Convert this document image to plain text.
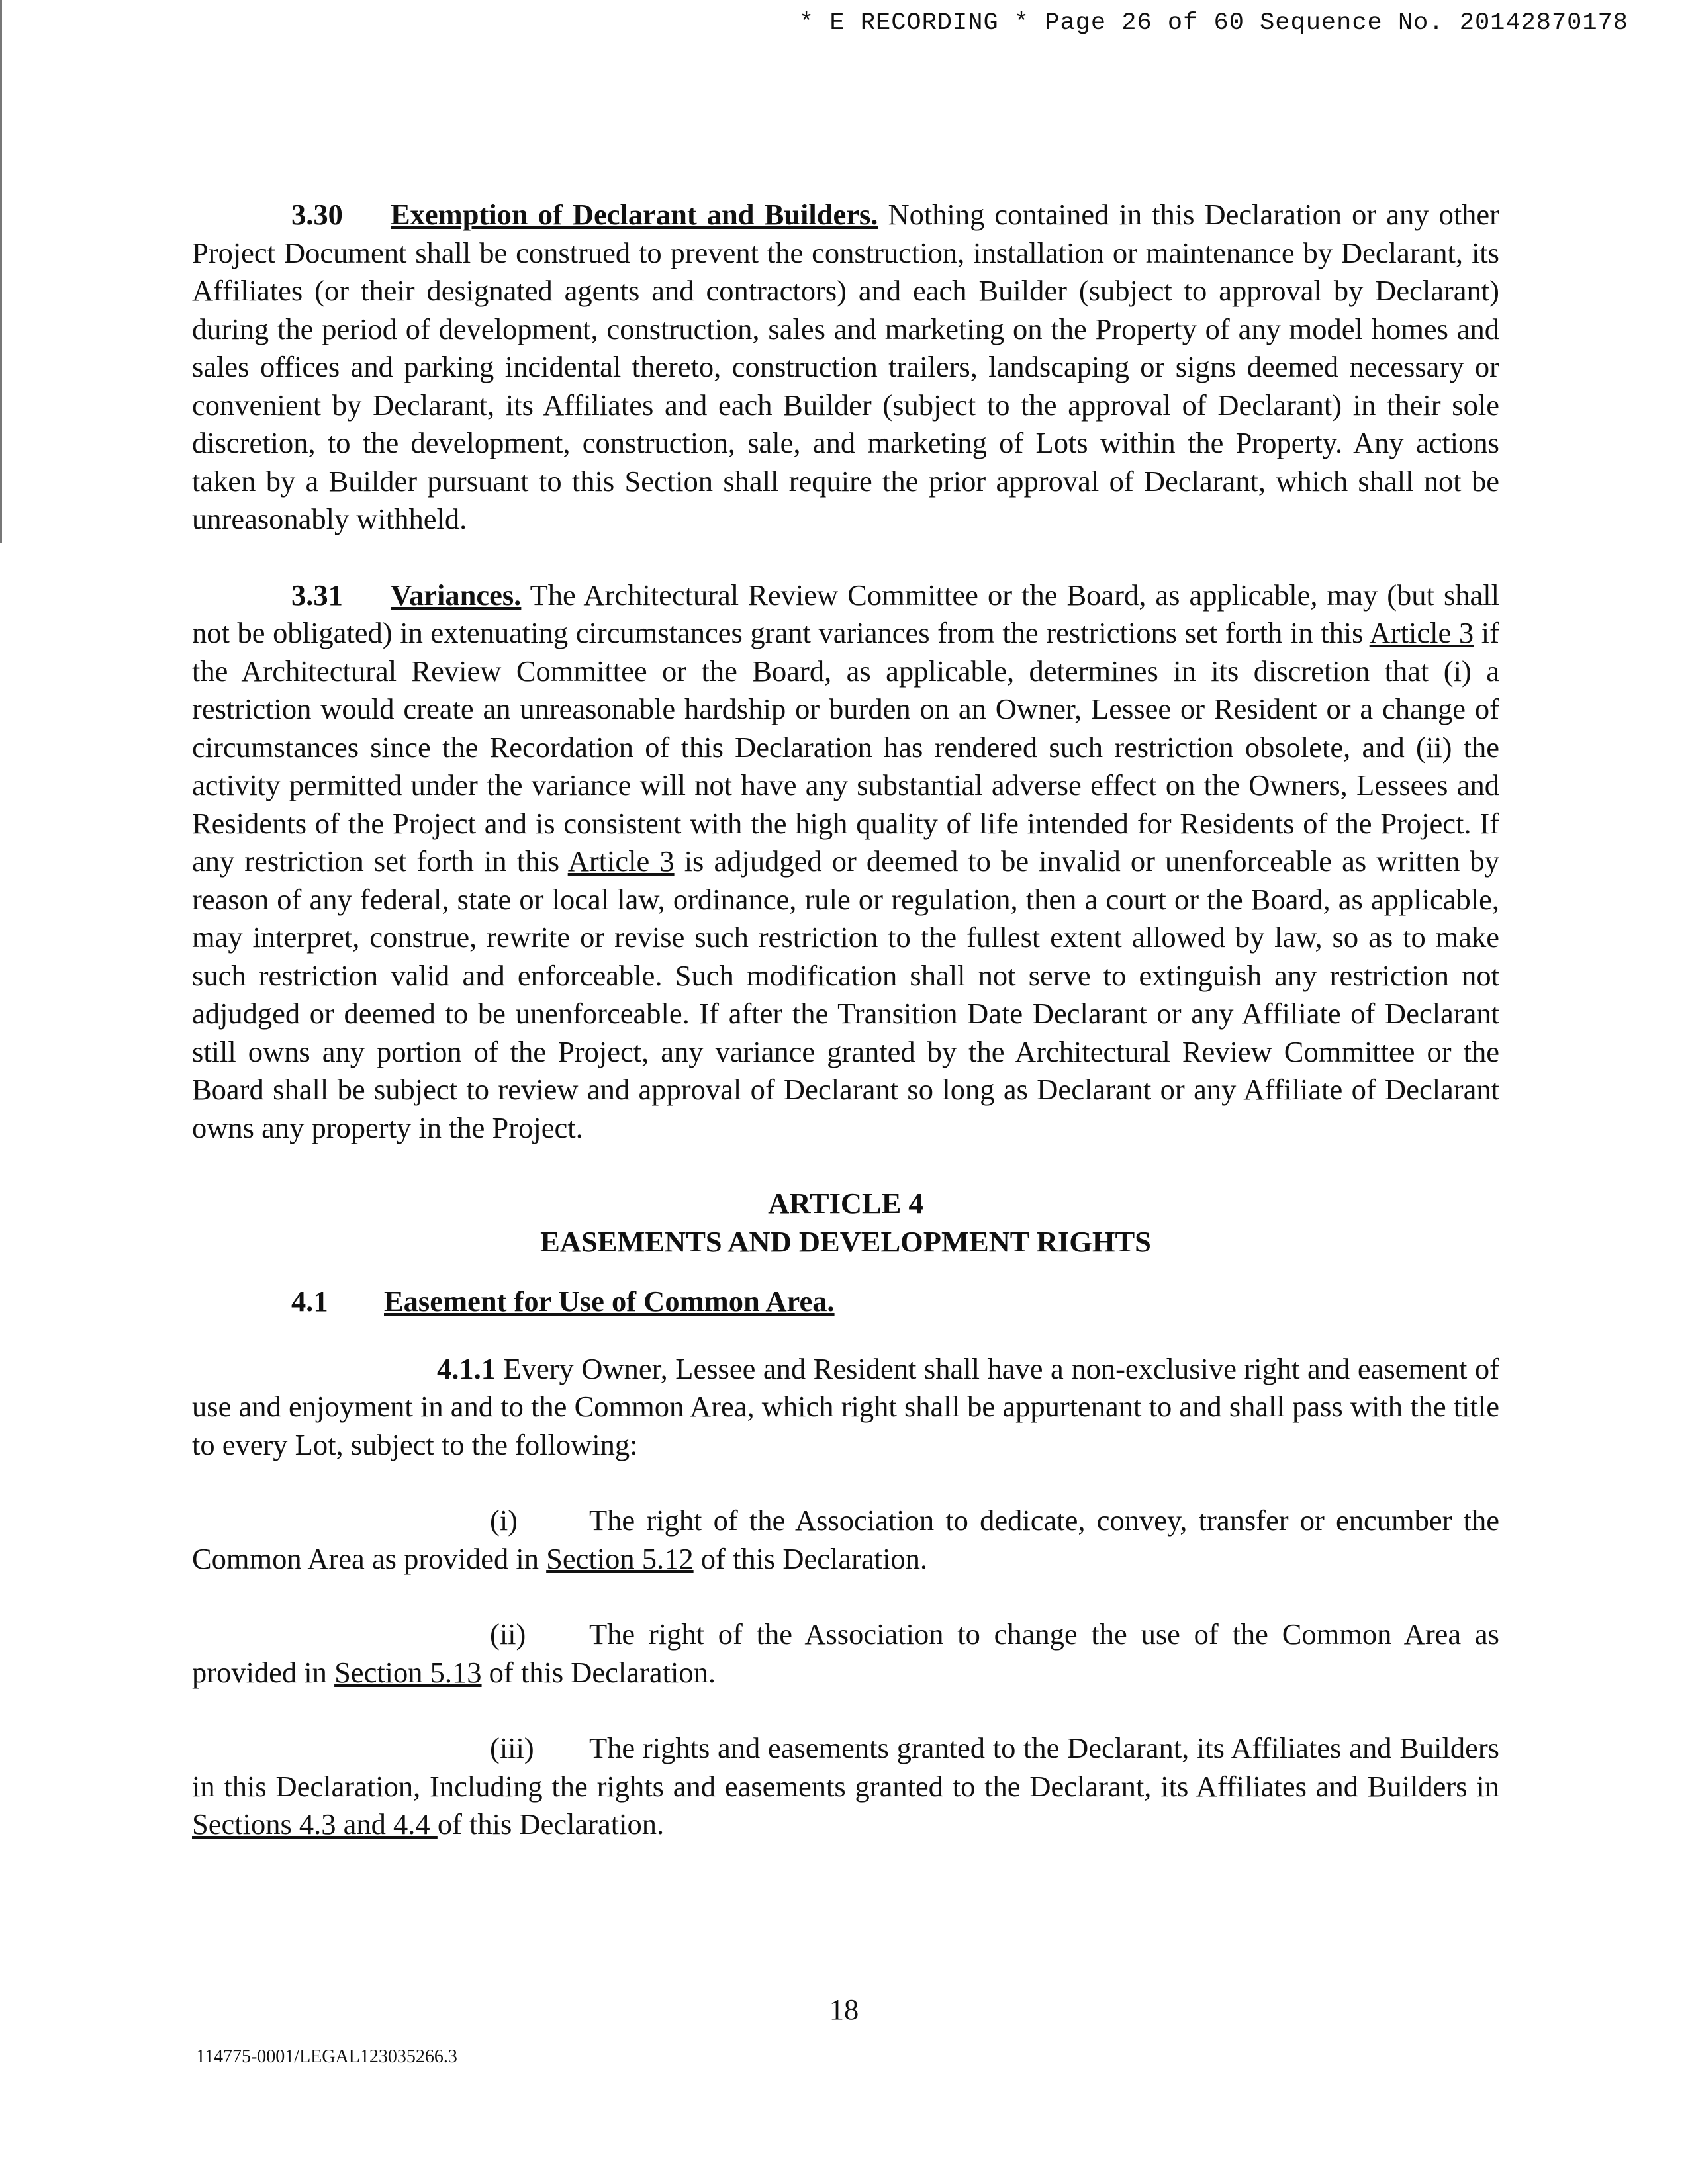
* E RECORDING * Page 26 of 60 Sequence No. 20142870178

3.30 Exemption of Declarant and Builders. Nothing contained in this Declaration or any other Project Document shall be construed to prevent the construction, installation or maintenance by Declarant, its Affiliates (or their designated agents and contractors) and each Builder (subject to approval by Declarant) during the period of development, construction, sales and marketing on the Property of any model homes and sales offices and parking incidental thereto, construction trailers, landscaping or signs deemed necessary or convenient by Declarant, its Affiliates and each Builder (subject to the approval of Declarant) in their sole discretion, to the development, construction, sale, and marketing of Lots within the Property. Any actions taken by a Builder pursuant to this Section shall require the prior approval of Declarant, which shall not be unreasonably withheld.

3.31 Variances. The Architectural Review Committee or the Board, as applicable, may (but shall not be obligated) in extenuating circumstances grant variances from the restrictions set forth in this Article 3 if the Architectural Review Committee or the Board, as applicable, determines in its discretion that (i) a restriction would create an unreasonable hardship or burden on an Owner, Lessee or Resident or a change of circumstances since the Recordation of this Declaration has rendered such restriction obsolete, and (ii) the activity permitted under the variance will not have any substantial adverse effect on the Owners, Lessees and Residents of the Project and is consistent with the high quality of life intended for Residents of the Project. If any restriction set forth in this Article 3 is adjudged or deemed to be invalid or unenforceable as written by reason of any federal, state or local law, ordinance, rule or regulation, then a court or the Board, as applicable, may interpret, construe, rewrite or revise such restriction to the fullest extent allowed by law, so as to make such restriction valid and enforceable. Such modification shall not serve to extinguish any restriction not adjudged or deemed to be unenforceable. If after the Transition Date Declarant or any Affiliate of Declarant still owns any portion of the Project, any variance granted by the Architectural Review Committee or the Board shall be subject to review and approval of Declarant so long as Declarant or any Affiliate of Declarant owns any property in the Project.

ARTICLE 4
EASEMENTS AND DEVELOPMENT RIGHTS
4.1 Easement for Use of Common Area.

4.1.1 Every Owner, Lessee and Resident shall have a non-exclusive right and easement of use and enjoyment in and to the Common Area, which right shall be appurtenant to and shall pass with the title to every Lot, subject to the following:

(i) The right of the Association to dedicate, convey, transfer or encumber the Common Area as provided in Section 5.12 of this Declaration.

(ii) The right of the Association to change the use of the Common Area as provided in Section 5.13 of this Declaration.

(iii) The rights and easements granted to the Declarant, its Affiliates and Builders in this Declaration, Including the rights and easements granted to the Declarant, its Affiliates and Builders in Sections 4.3 and 4.4 of this Declaration.

18
114775-0001/LEGAL123035266.3
